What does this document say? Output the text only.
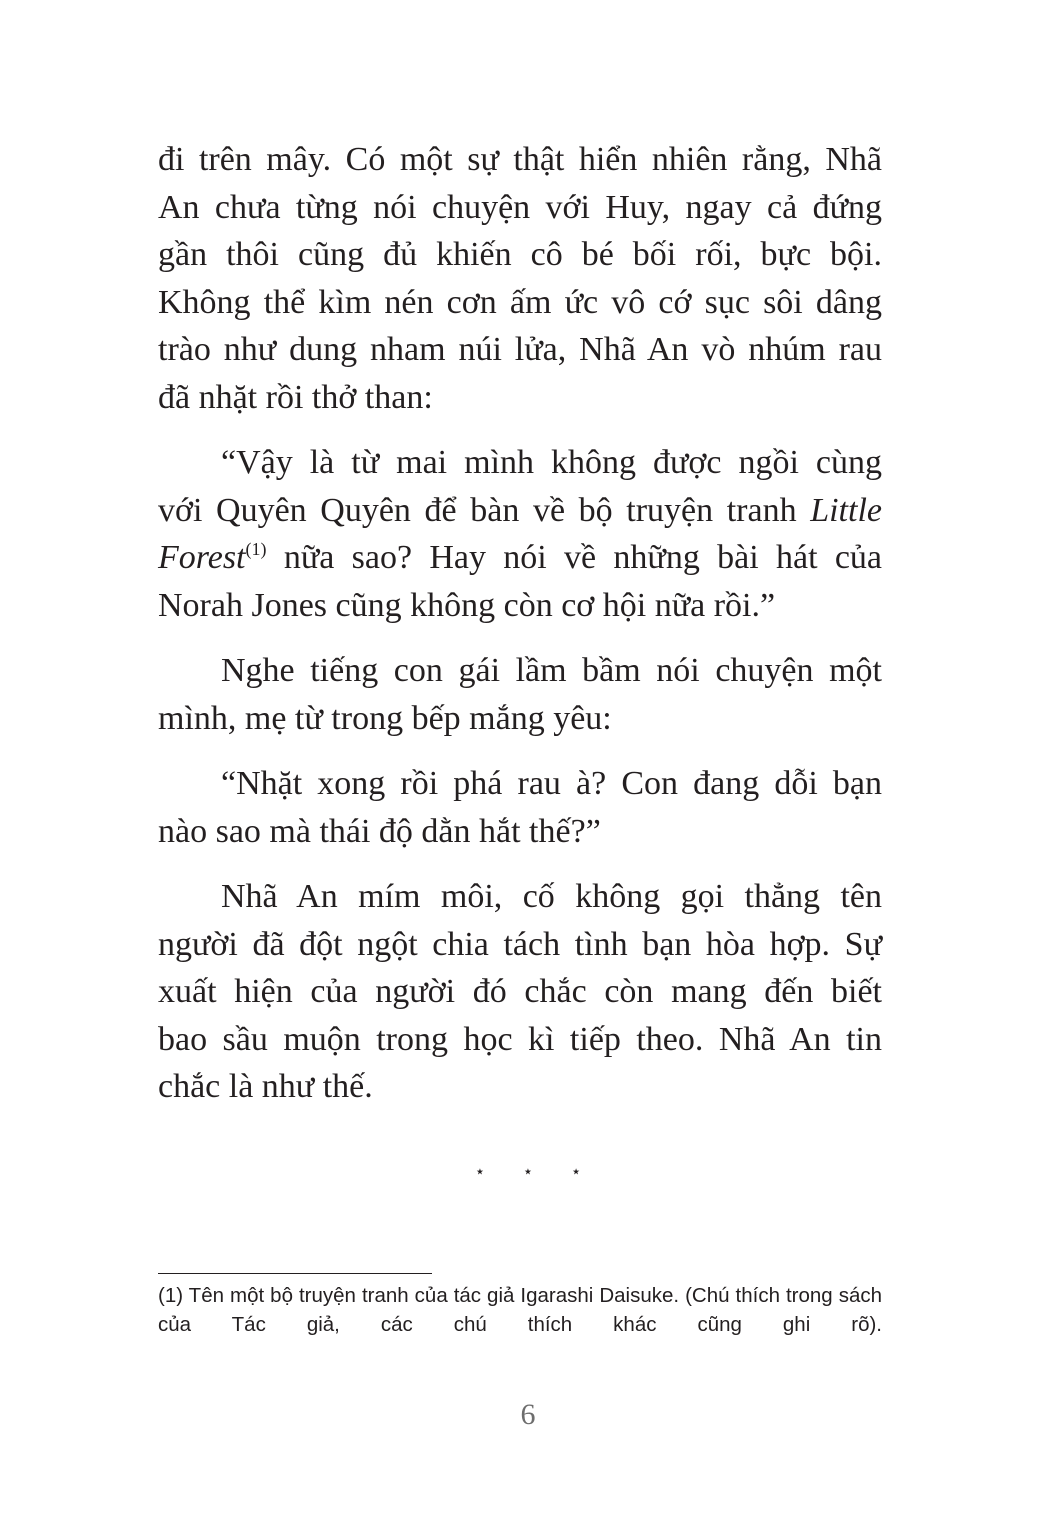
đi trên mây. Có một sự thật hiển nhiên rằng, Nhã
An chưa từng nói chuyện với Huy, ngay cả đứng
gần thôi cũng đủ khiến cô bé bối rối, bực bội.
Không thể kìm nén cơn ấm ức vô cớ sục sôi dâng
trào như dung nham núi lửa, Nhã An vò nhúm rau
đã nhặt rồi thở than:

“Vậy là từ mai mình không được ngồi cùng
với Quyên Quyên để bàn về bộ truyện tranh Little
Forest$^{(1)}$ nữa sao? Hay nói về những bài hát của
Norah Jones cũng không còn cơ hội nữa rồi.”

Nghe tiếng con gái lầm bầm nói chuyện một
mình, mẹ từ trong bếp mắng yêu:

“Nhặt xong rồi phá rau à? Con đang dỗi bạn
nào sao mà thái độ dằn hắt thế?”

Nhã An mím môi, cố không gọi thẳng tên
người đã đột ngột chia tách tình bạn hòa hợp. Sự
xuất hiện của người đó chắc còn mang đến biết
bao sầu muộn trong học kì tiếp theo. Nhã An tin
chắc là như thế.

⋆ ⋆ ⋆
(1) Tên một bộ truyện tranh của tác giả Igarashi Daisuke. (Chú thích trong sách
của Tác giả, các chú thích khác cũng ghi rõ).
6
